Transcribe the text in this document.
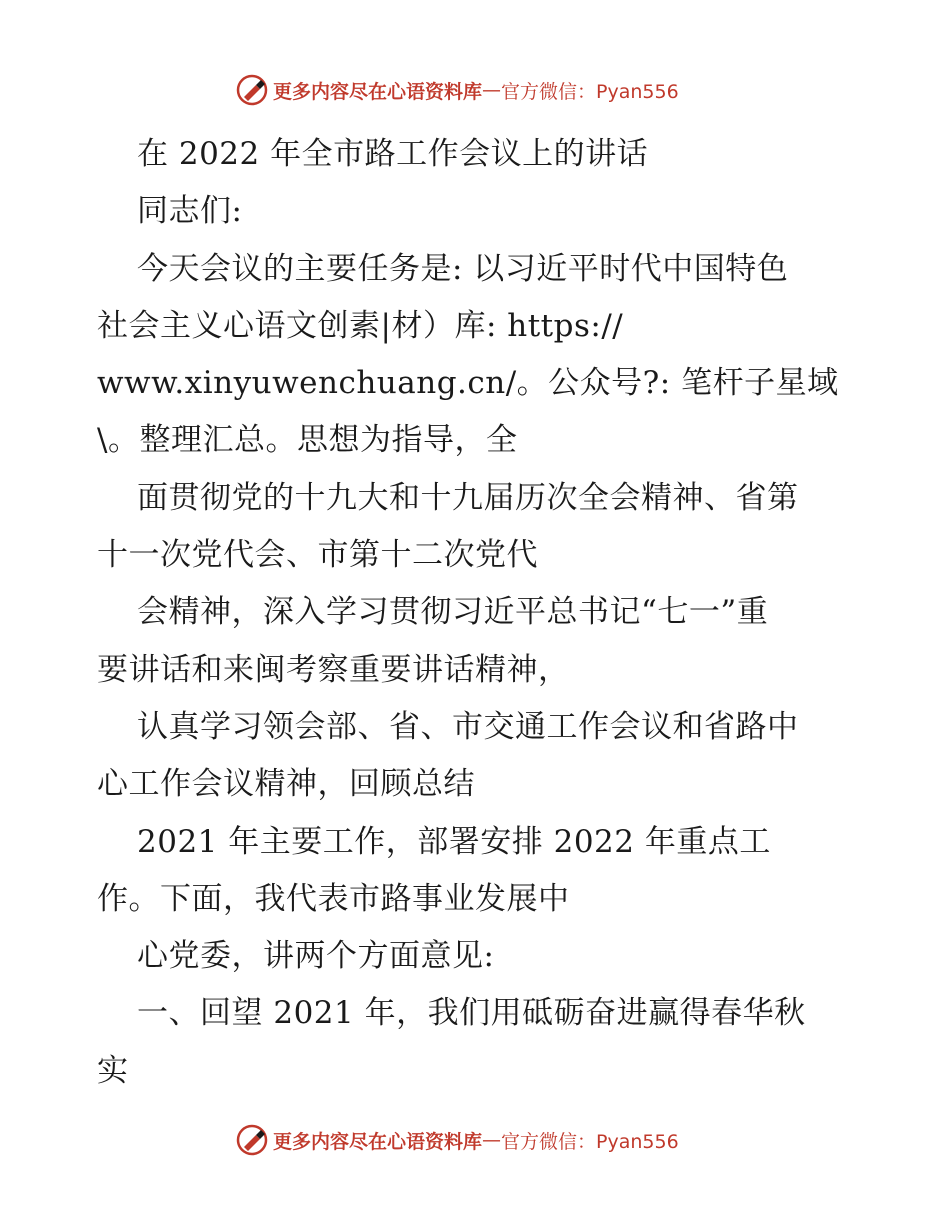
更多内容尽在心语资料库 — 官方微信：Pyan556
在 2022 年全市路工作会议上的讲话
同志们:
今天会议的主要任务是: 以习近平时代中国特色
社会主义心语文创素|材）库: https://
www.xinyuwenchuang.cn/。公众号?: 笔杆子星域
\。整理汇总。思想为指导，全
面贯彻党的十九大和十九届历次全会精神、省第
十一次党代会、市第十二次党代
会精神，深入学习贯彻习近平总书记“七一”重
要讲话和来闽考察重要讲话精神，
认真学习领会部、省、市交通工作会议和省路中
心工作会议精神，回顾总结
2021 年主要工作，部署安排 2022 年重点工
作。下面，我代表市路事业发展中
心党委，讲两个方面意见:
一、回望 2021 年，我们用砥砺奋进赢得春华秋
实
更多内容尽在心语资料库 — 官方微信：Pyan556
